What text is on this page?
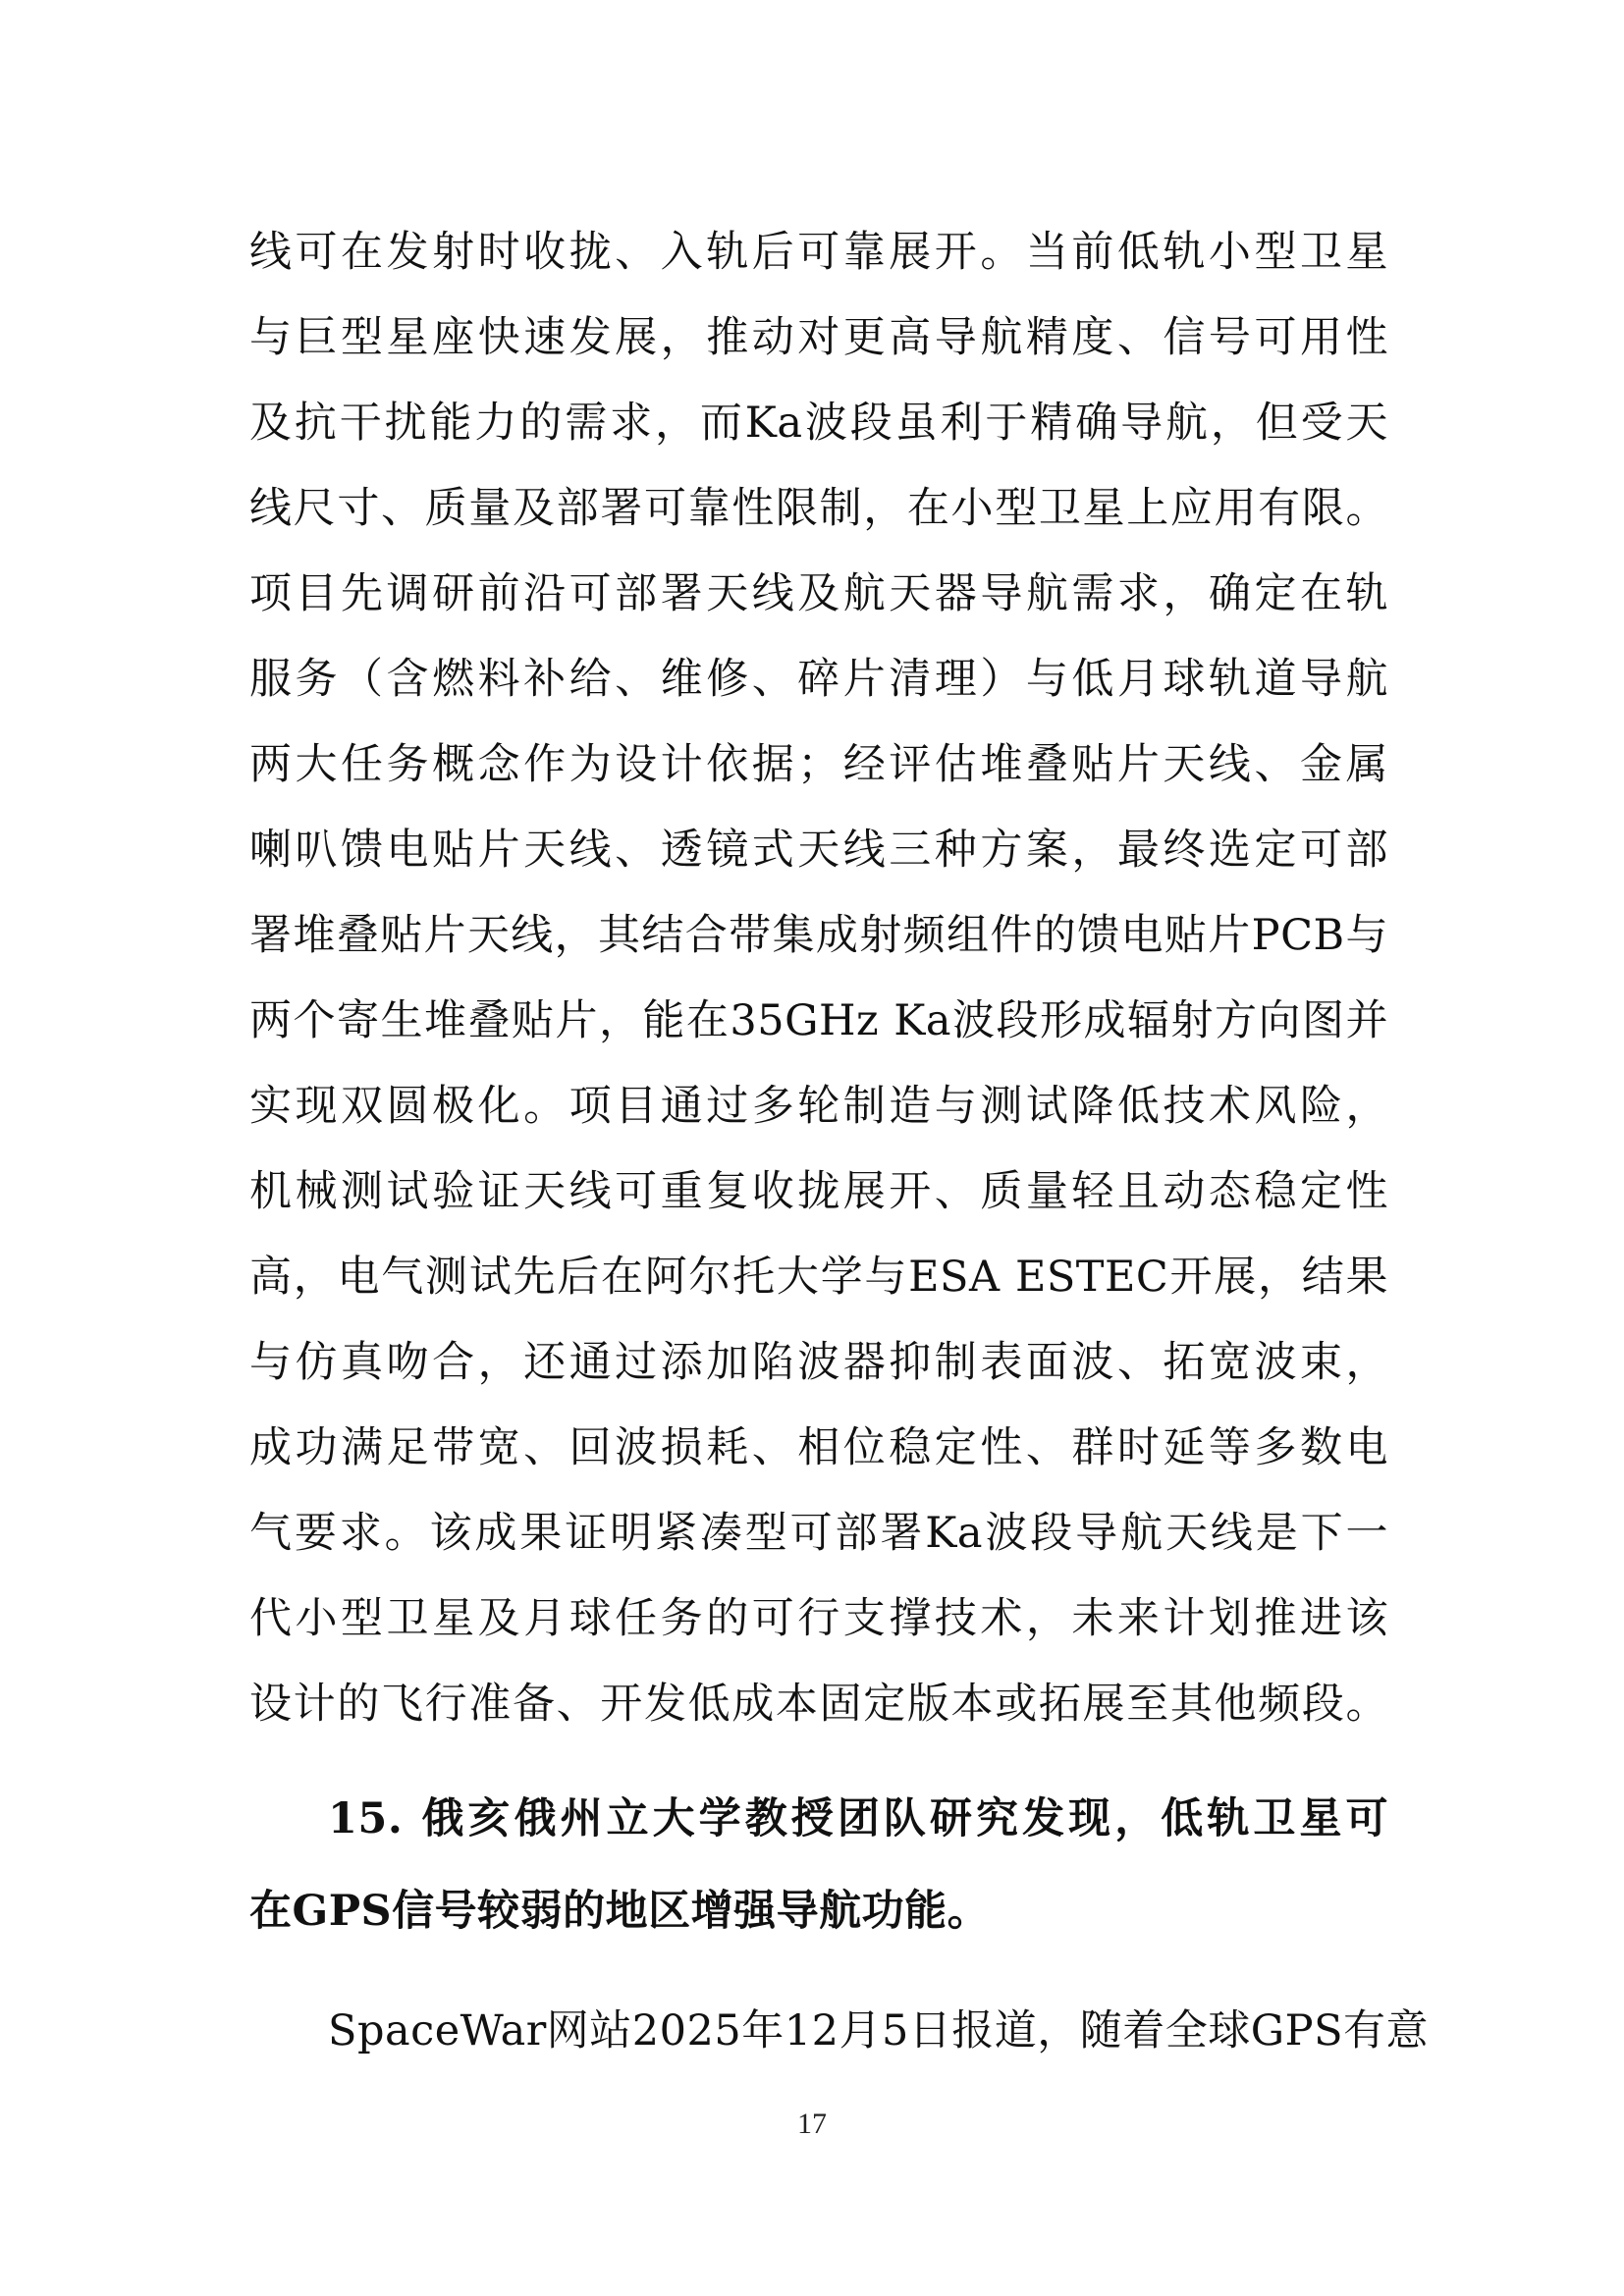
线可在发射时收拢、入轨后可靠展开。当前低轨小型卫星
与巨型星座快速发展，推动对更高导航精度、信号可用性
及抗干扰能力的需求，而Ka波段虽利于精确导航，但受天
线尺寸、质量及部署可靠性限制，在小型卫星上应用有限。
项目先调研前沿可部署天线及航天器导航需求，确定在轨
服务（含燃料补给、维修、碎片清理）与低月球轨道导航
两大任务概念作为设计依据；经评估堆叠贴片天线、金属
喇叭馈电贴片天线、透镜式天线三种方案，最终选定可部
署堆叠贴片天线，其结合带集成射频组件的馈电贴片PCB与
两个寄生堆叠贴片，能在35GHz Ka波段形成辐射方向图并
实现双圆极化。项目通过多轮制造与测试降低技术风险，
机械测试验证天线可重复收拢展开、质量轻且动态稳定性
高，电气测试先后在阿尔托大学与ESA ESTEC开展，结果
与仿真吻合，还通过添加陷波器抑制表面波、拓宽波束，
成功满足带宽、回波损耗、相位稳定性、群时延等多数电
气要求。该成果证明紧凑型可部署Ka波段导航天线是下一
代小型卫星及月球任务的可行支撑技术，未来计划推进该
设计的飞行准备、开发低成本固定版本或拓展至其他频段。
15. 俄亥俄州立大学教授团队研究发现，低轨卫星可
在GPS信号较弱的地区增强导航功能。
SpaceWar网站2025年12月5日报道，随着全球GPS有意
17
